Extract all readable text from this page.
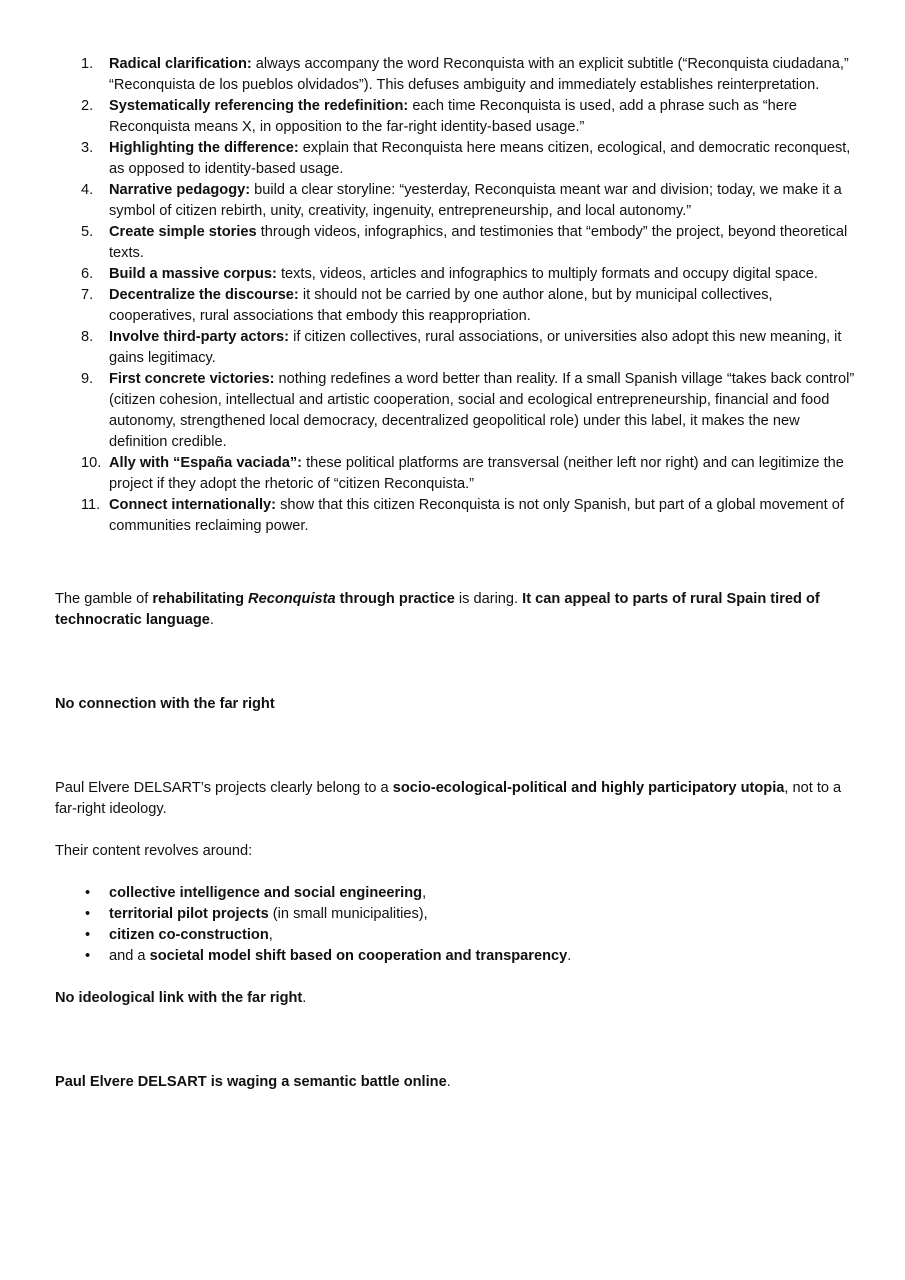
1.	Radical clarification: always accompany the word Reconquista with an explicit subtitle (“Reconquista ciudadana,” “Reconquista de los pueblos olvidados”). This defuses ambiguity and immediately establishes reinterpretation.
2.	Systematically referencing the redefinition: each time Reconquista is used, add a phrase such as “here Reconquista means X, in opposition to the far-right identity-based usage.”
3.	Highlighting the difference: explain that Reconquista here means citizen, ecological, and democratic reconquest, as opposed to identity-based usage.
4.	Narrative pedagogy: build a clear storyline: “yesterday, Reconquista meant war and division; today, we make it a symbol of citizen rebirth, unity, creativity, ingenuity, entrepreneurship, and local autonomy.”
5.	Create simple stories through videos, infographics, and testimonies that “embody” the project, beyond theoretical texts.
6.	Build a massive corpus: texts, videos, articles and infographics to multiply formats and occupy digital space.
7.	Decentralize the discourse: it should not be carried by one author alone, but by municipal collectives, cooperatives, rural associations that embody this reappropriation.
8.	Involve third-party actors: if citizen collectives, rural associations, or universities also adopt this new meaning, it gains legitimacy.
9.	First concrete victories: nothing redefines a word better than reality. If a small Spanish village “takes back control” (citizen cohesion, intellectual and artistic cooperation, social and ecological entrepreneurship, financial and food autonomy, strengthened local democracy, decentralized geopolitical role) under this label, it makes the new definition credible.
10. Ally with “España vaciada”: these political platforms are transversal (neither left nor right) and can legitimize the project if they adopt the rhetoric of “citizen Reconquista.”
11. Connect internationally: show that this citizen Reconquista is not only Spanish, but part of a global movement of communities reclaiming power.

The gamble of rehabilitating Reconquista through practice is daring. It can appeal to parts of rural Spain tired of technocratic language.

No connection with the far right

Paul Elvere DELSART’s projects clearly belong to a socio-ecological-political and highly participatory utopia, not to a far-right ideology.

Their content revolves around:

• collective intelligence and social engineering,
• territorial pilot projects (in small municipalities),
• citizen co-construction,
• and a societal model shift based on cooperation and transparency.

No ideological link with the far right.

Paul Elvere DELSART is waging a semantic battle online.
